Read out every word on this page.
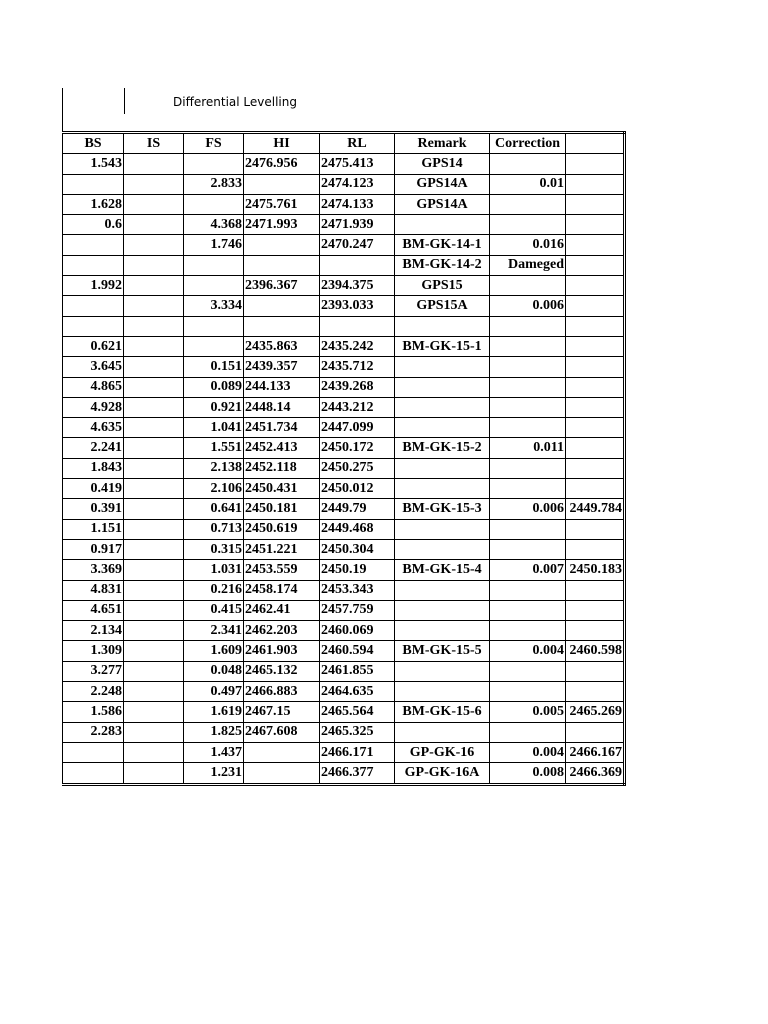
Differential Levelling
BS	IS	FS	HI	RL	Remark	Correction	
1.543			2476.956	2475.413	GPS14		
		2.833		2474.123	GPS14A	0.01	
1.628			2475.761	2474.133	GPS14A		
0.6		4.368	2471.993	2471.939			
		1.746		2470.247	BM-GK-14-1	0.016	
					BM-GK-14-2	Dameged	
1.992			2396.367	2394.375	GPS15		
		3.334		2393.033	GPS15A	0.006	

0.621			2435.863	2435.242	BM-GK-15-1		
3.645		0.151	2439.357	2435.712			
4.865		0.089	244.133	2439.268			
4.928		0.921	2448.14	2443.212			
4.635		1.041	2451.734	2447.099			
2.241		1.551	2452.413	2450.172	BM-GK-15-2	0.011	
1.843		2.138	2452.118	2450.275			
0.419		2.106	2450.431	2450.012			
0.391		0.641	2450.181	2449.79	BM-GK-15-3	0.006	2449.784
1.151		0.713	2450.619	2449.468			
0.917		0.315	2451.221	2450.304			
3.369		1.031	2453.559	2450.19	BM-GK-15-4	0.007	2450.183
4.831		0.216	2458.174	2453.343			
4.651		0.415	2462.41	2457.759			
2.134		2.341	2462.203	2460.069			
1.309		1.609	2461.903	2460.594	BM-GK-15-5	0.004	2460.598
3.277		0.048	2465.132	2461.855			
2.248		0.497	2466.883	2464.635			
1.586		1.619	2467.15	2465.564	BM-GK-15-6	0.005	2465.269
2.283		1.825	2467.608	2465.325			
		1.437		2466.171	GP-GK-16	0.004	2466.167
		1.231		2466.377	GP-GK-16A	0.008	2466.369
